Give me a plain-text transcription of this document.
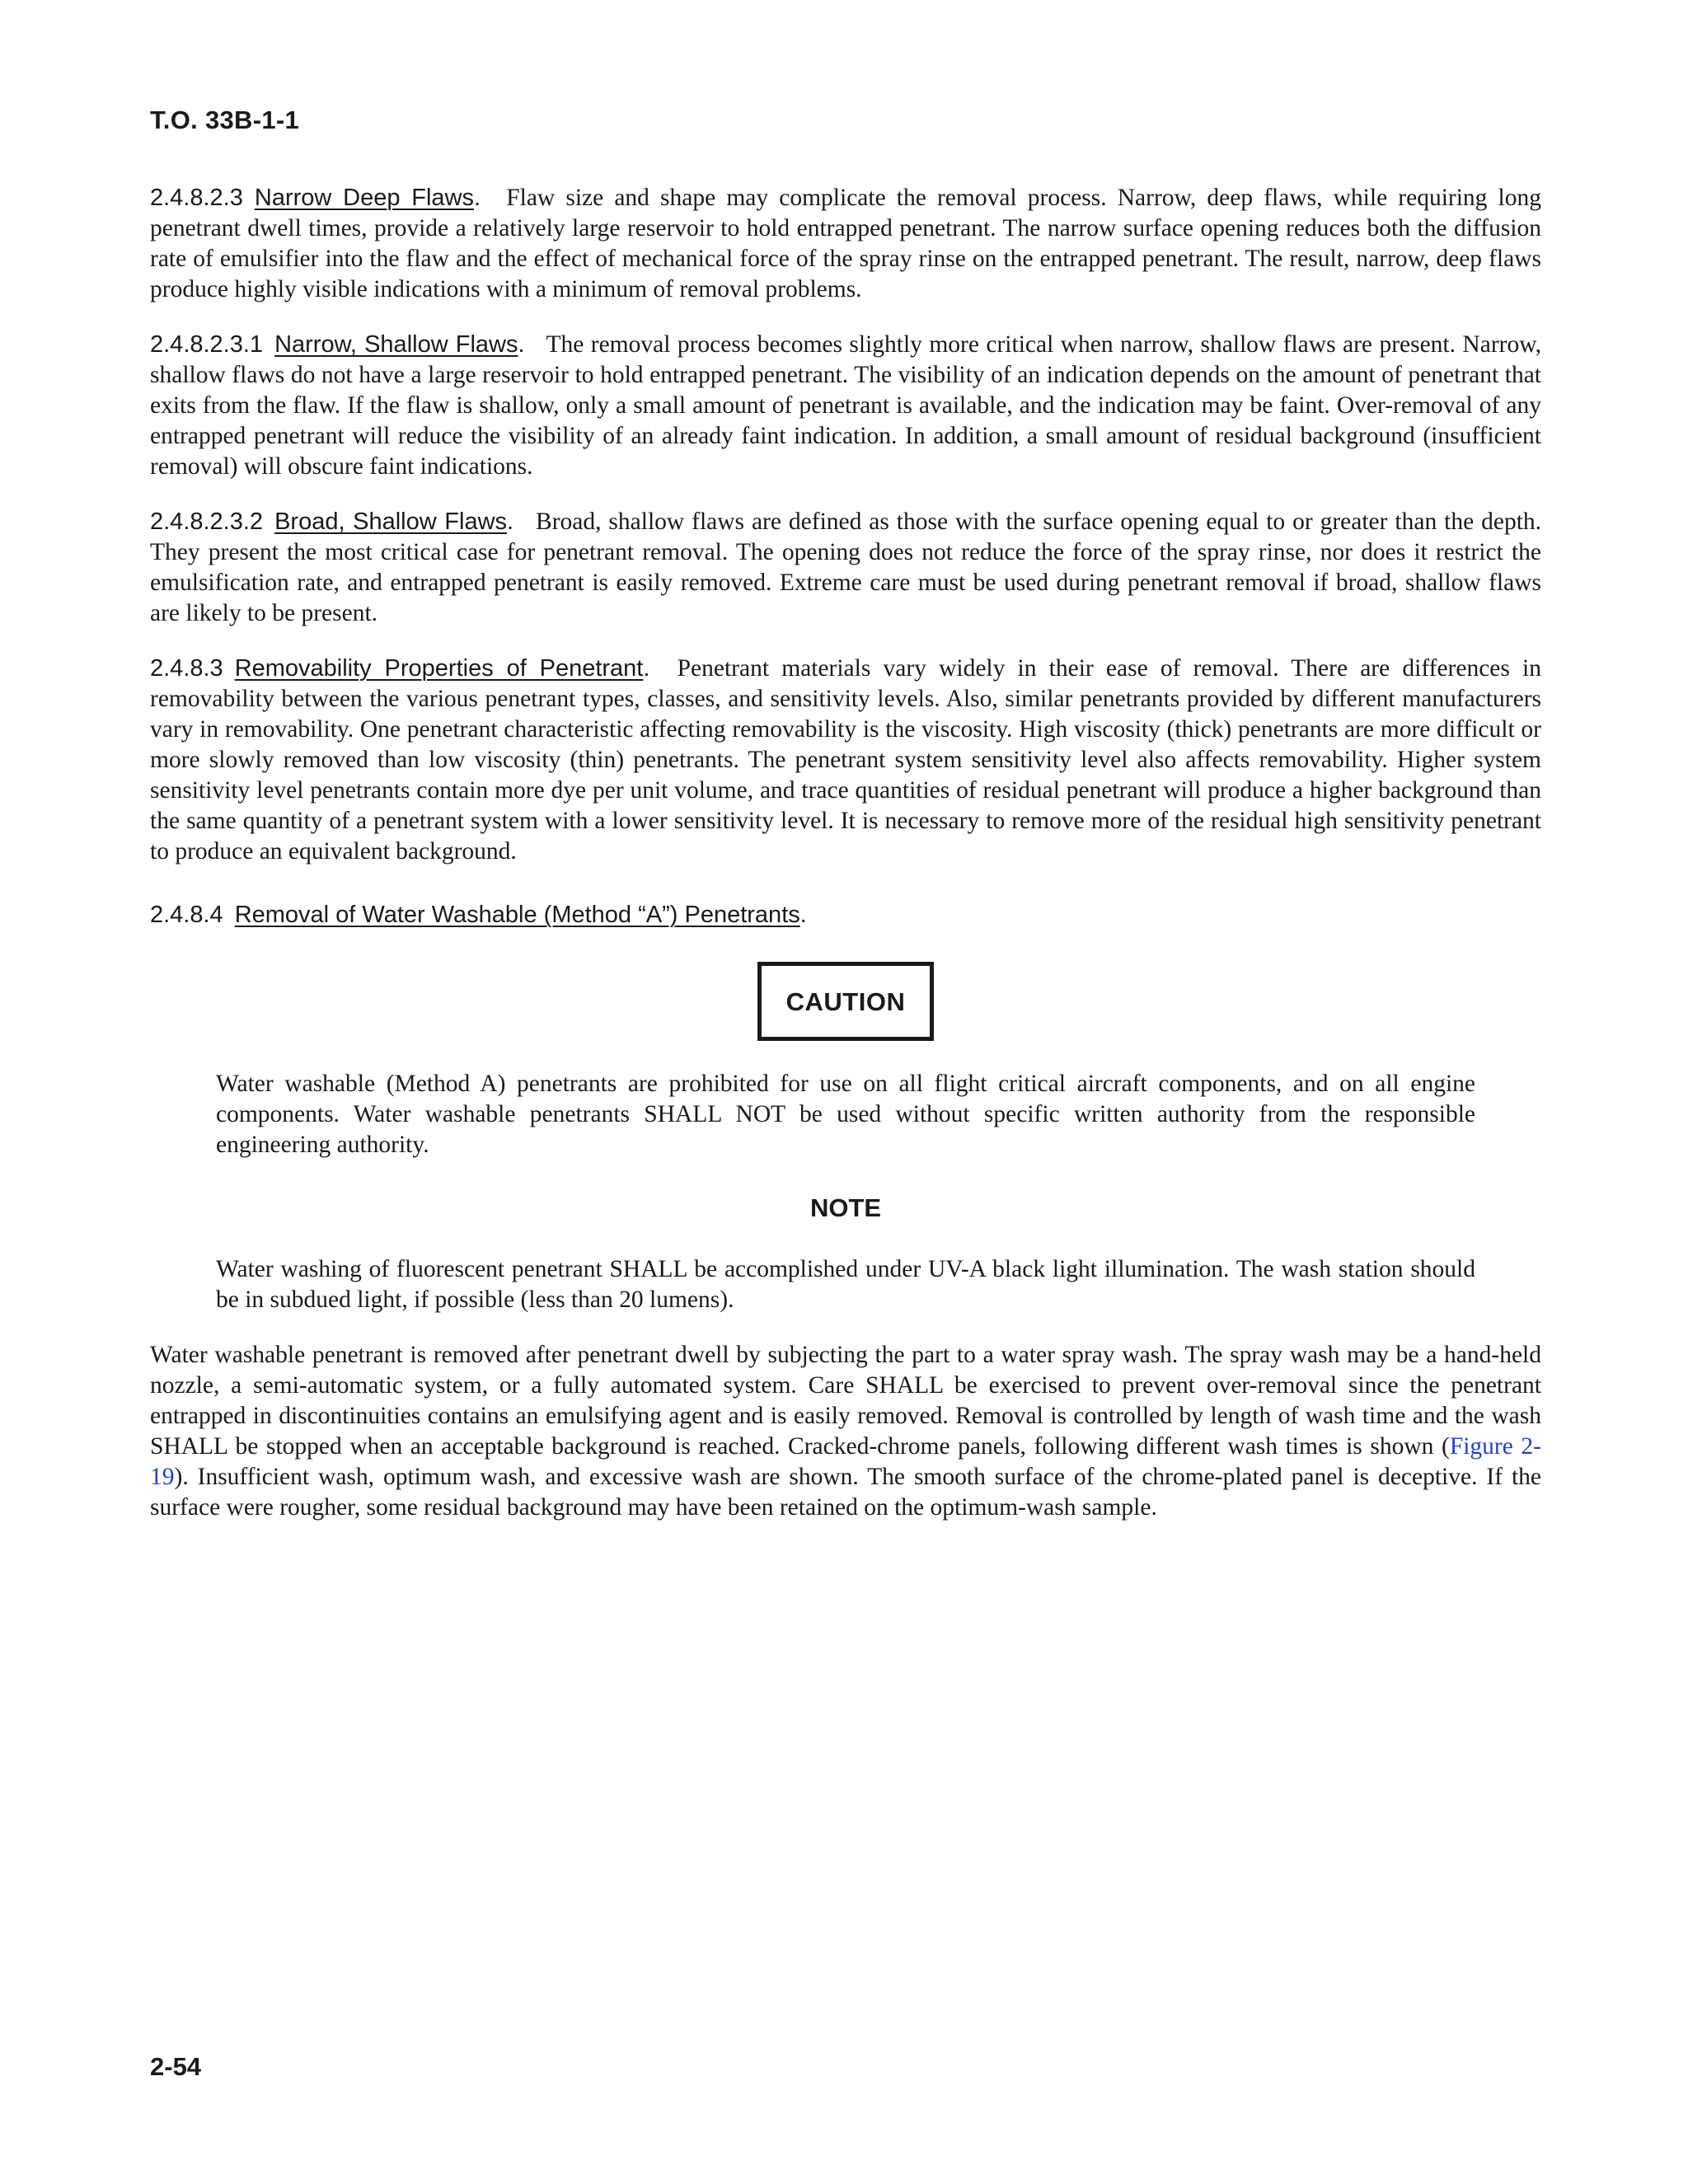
T.O. 33B-1-1

2.4.8.2.3 Narrow Deep Flaws. Flaw size and shape may complicate the removal process. Narrow, deep flaws, while requiring long penetrant dwell times, provide a relatively large reservoir to hold entrapped penetrant. The narrow surface opening reduces both the diffusion rate of emulsifier into the flaw and the effect of mechanical force of the spray rinse on the entrapped penetrant. The result, narrow, deep flaws produce highly visible indications with a minimum of removal problems.

2.4.8.2.3.1 Narrow, Shallow Flaws. The removal process becomes slightly more critical when narrow, shallow flaws are present. Narrow, shallow flaws do not have a large reservoir to hold entrapped penetrant. The visibility of an indication depends on the amount of penetrant that exits from the flaw. If the flaw is shallow, only a small amount of penetrant is available, and the indication may be faint. Over-removal of any entrapped penetrant will reduce the visibility of an already faint indication. In addition, a small amount of residual background (insufficient removal) will obscure faint indications.

2.4.8.2.3.2 Broad, Shallow Flaws. Broad, shallow flaws are defined as those with the surface opening equal to or greater than the depth. They present the most critical case for penetrant removal. The opening does not reduce the force of the spray rinse, nor does it restrict the emulsification rate, and entrapped penetrant is easily removed. Extreme care must be used during penetrant removal if broad, shallow flaws are likely to be present.

2.4.8.3 Removability Properties of Penetrant. Penetrant materials vary widely in their ease of removal. There are differences in removability between the various penetrant types, classes, and sensitivity levels. Also, similar penetrants provided by different manufacturers vary in removability. One penetrant characteristic affecting removability is the viscosity. High viscosity (thick) penetrants are more difficult or more slowly removed than low viscosity (thin) penetrants. The penetrant system sensitivity level also affects removability. Higher system sensitivity level penetrants contain more dye per unit volume, and trace quantities of residual penetrant will produce a higher background than the same quantity of a penetrant system with a lower sensitivity level. It is necessary to remove more of the residual high sensitivity penetrant to produce an equivalent background.

2.4.8.4 Removal of Water Washable (Method “A”) Penetrants.

CAUTION

Water washable (Method A) penetrants are prohibited for use on all flight critical aircraft components, and on all engine components. Water washable penetrants SHALL NOT be used without specific written authority from the responsible engineering authority.

NOTE

Water washing of fluorescent penetrant SHALL be accomplished under UV-A black light illumination. The wash station should be in subdued light, if possible (less than 20 lumens).

Water washable penetrant is removed after penetrant dwell by subjecting the part to a water spray wash. The spray wash may be a hand-held nozzle, a semi-automatic system, or a fully automated system. Care SHALL be exercised to prevent over-removal since the penetrant entrapped in discontinuities contains an emulsifying agent and is easily removed. Removal is controlled by length of wash time and the wash SHALL be stopped when an acceptable background is reached. Cracked-chrome panels, following different wash times is shown (Figure 2-19). Insufficient wash, optimum wash, and excessive wash are shown. The smooth surface of the chrome-plated panel is deceptive. If the surface were rougher, some residual background may have been retained on the optimum-wash sample.

2-54
